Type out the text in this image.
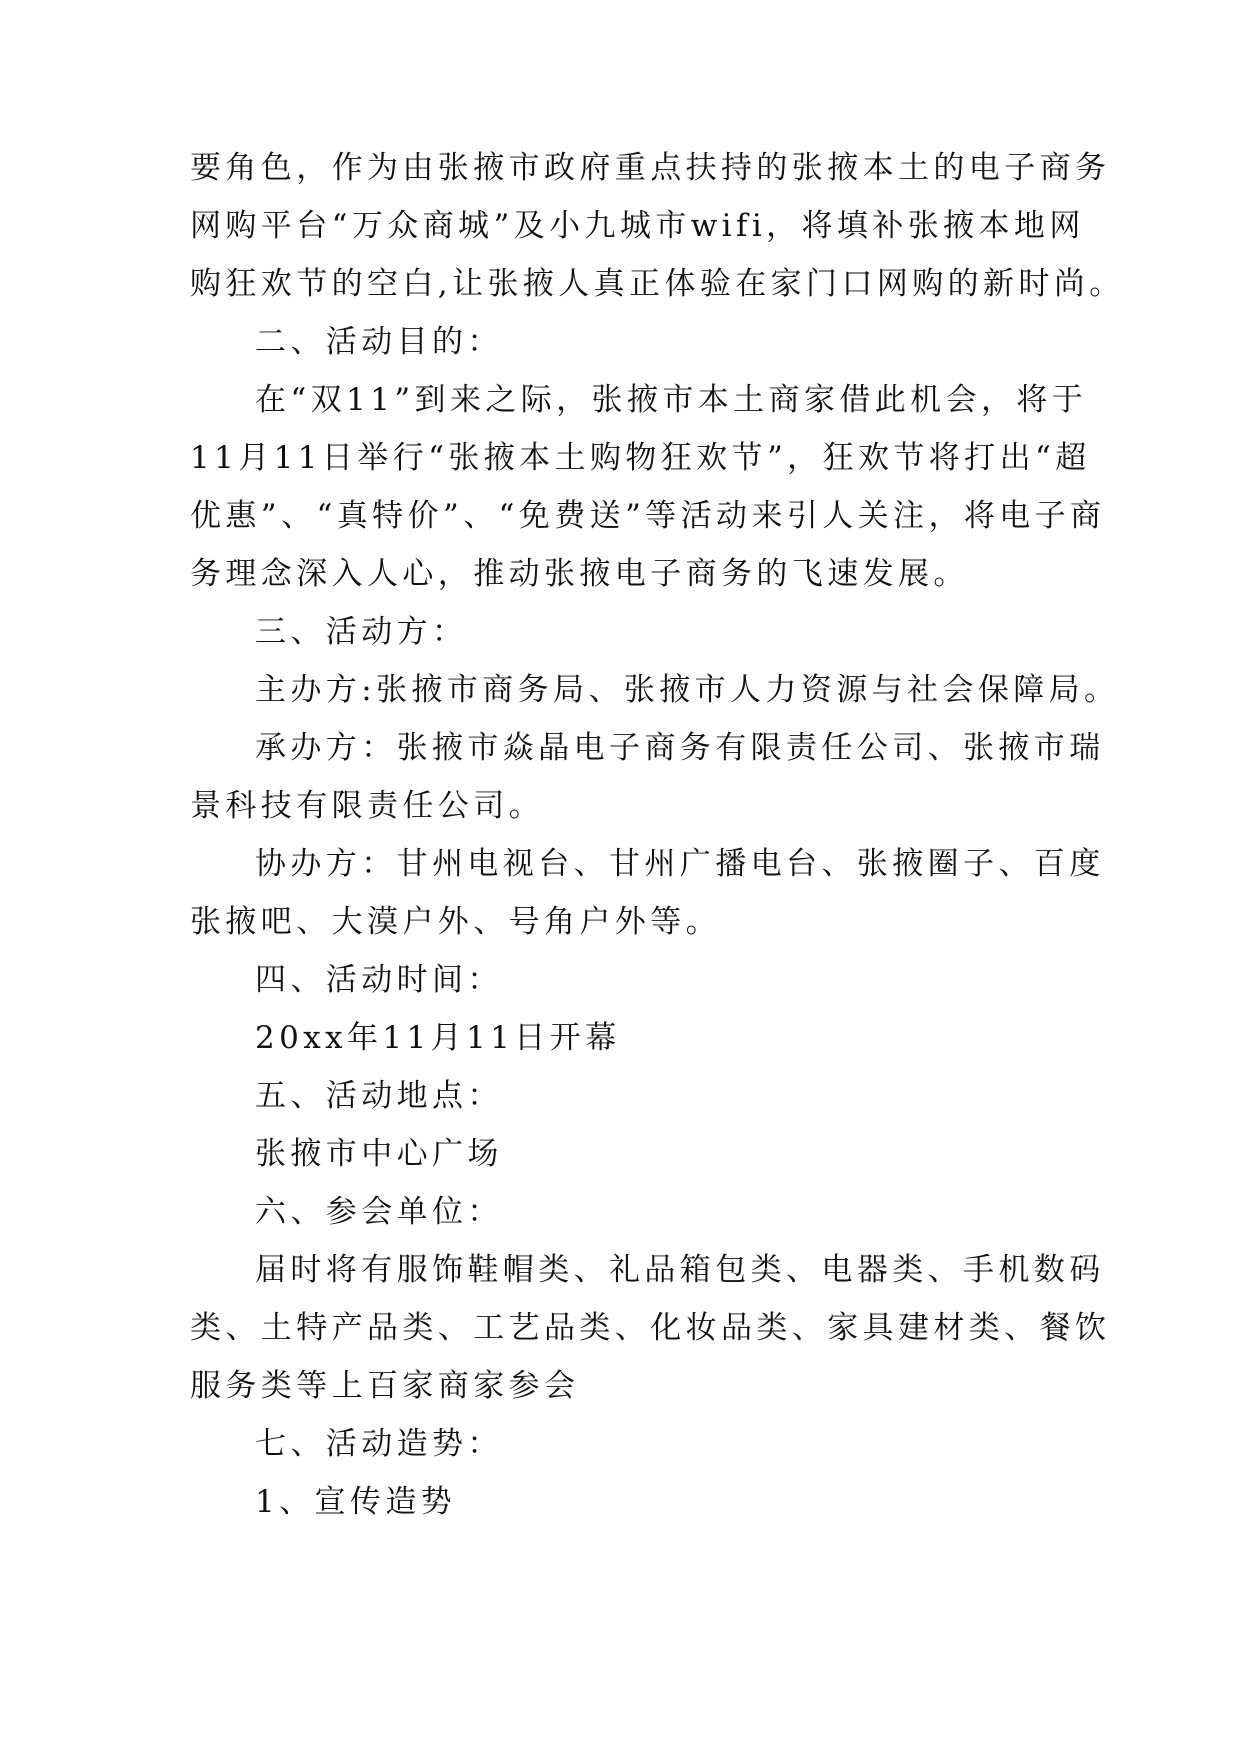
要角色，作为由张掖市政府重点扶持的张掖本土的电子商务
网购平台“万众商城”及小九城市wifi，将填补张掖本地网
购狂欢节的空白,让张掖人真正体验在家门口网购的新时尚。
二、活动目的：
在“双11”到来之际，张掖市本土商家借此机会，将于
11月11日举行“张掖本土购物狂欢节”，狂欢节将打出“超
优惠”、“真特价”、“免费送”等活动来引人关注，将电子商
务理念深入人心，推动张掖电子商务的飞速发展。
三、活动方：
主办方:张掖市商务局、张掖市人力资源与社会保障局。
承办方：张掖市焱晶电子商务有限责任公司、张掖市瑞
景科技有限责任公司。
协办方：甘州电视台、甘州广播电台、张掖圈子、百度
张掖吧、大漠户外、号角户外等。
四、活动时间：
20xx年11月11日开幕
五、活动地点：
张掖市中心广场
六、参会单位：
届时将有服饰鞋帽类、礼品箱包类、电器类、手机数码
类、土特产品类、工艺品类、化妆品类、家具建材类、餐饮
服务类等上百家商家参会
七、活动造势：
1、宣传造势
